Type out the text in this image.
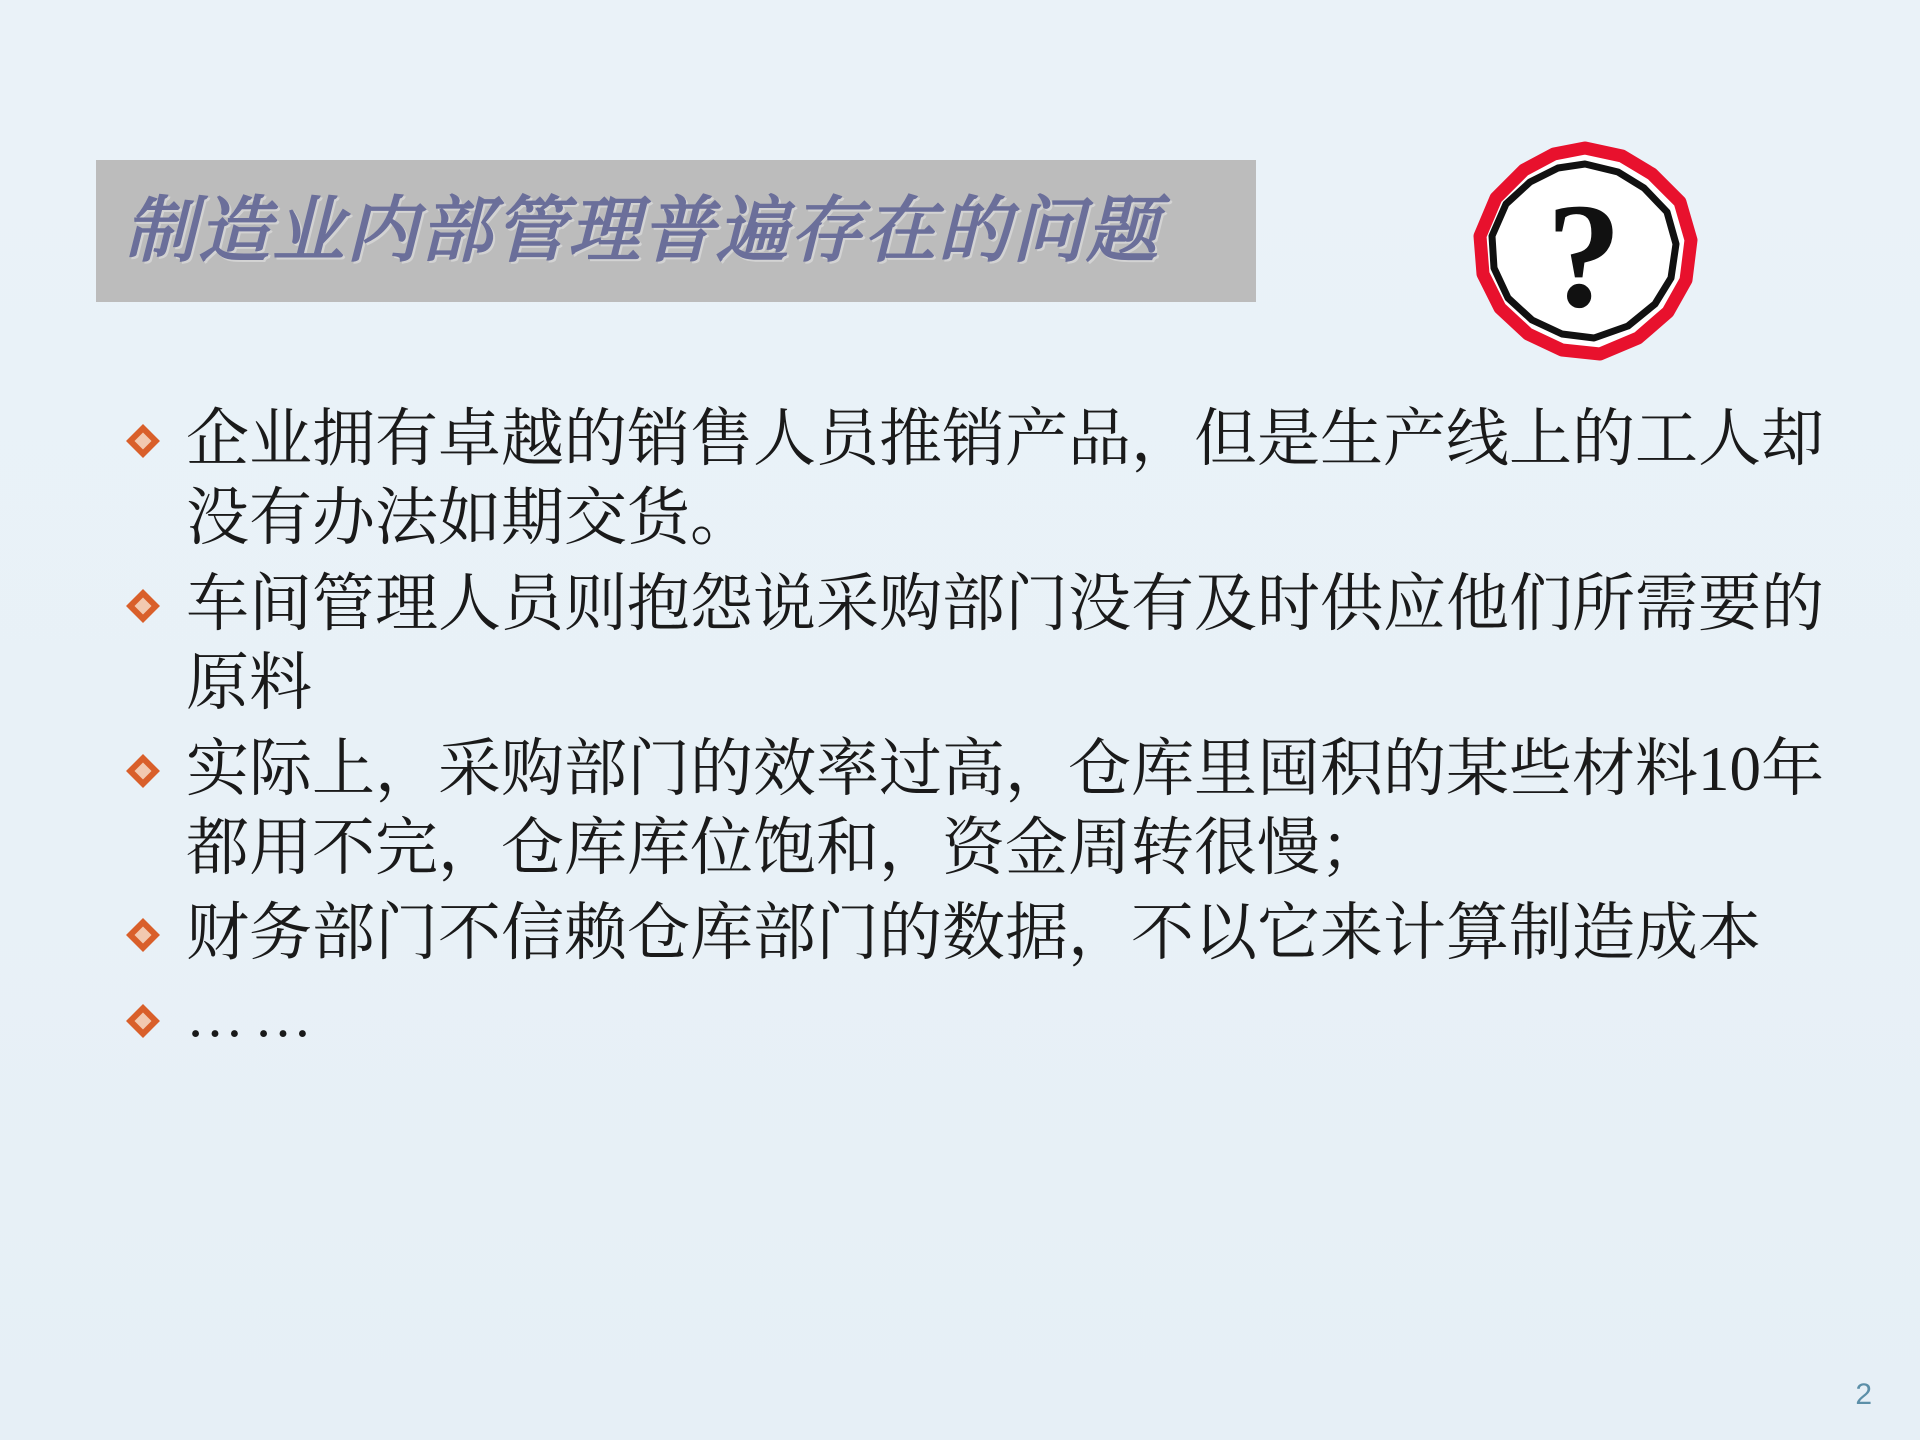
制造业内部管理普遍存在的问题	?
企业拥有卓越的销售人员推销产品，但是生产线上的工人却没有办法如期交货。
车间管理人员则抱怨说采购部门没有及时供应他们所需要的原料
实际上，采购部门的效率过高，仓库里囤积的某些材料10年都用不完，仓库库位饱和，资金周转很慢；
财务部门不信赖仓库部门的数据，不以它来计算制造成本
……
2
